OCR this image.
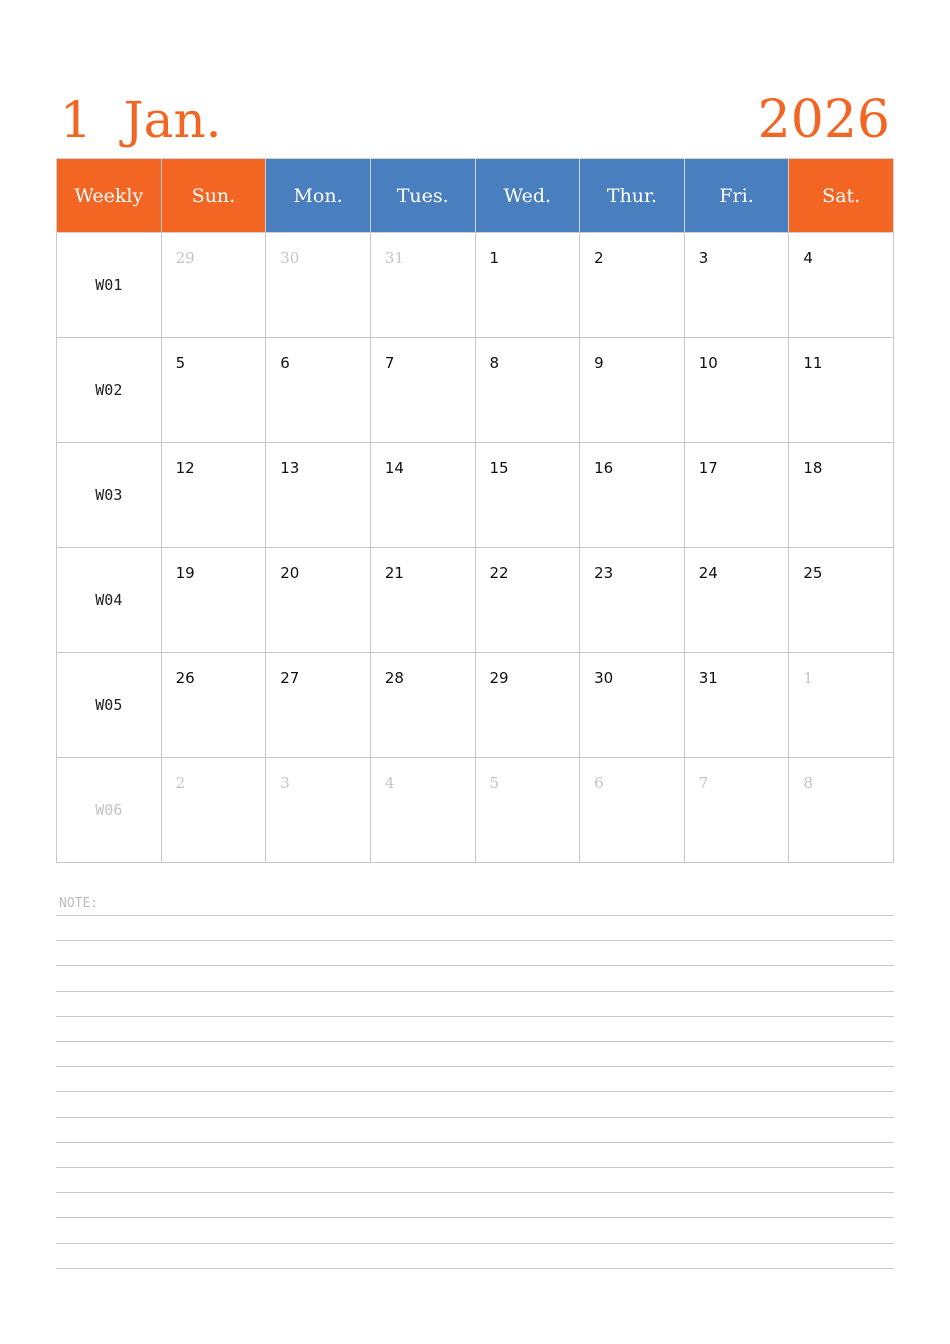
1  Jan.	2026
Weekly	Sun.	Mon.	Tues.	Wed.	Thur.	Fri.	Sat.
W01	29	30	31	1	2	3	4

W02	5	6	7	8	9	10	11

W03	12	13	14	15	16	17	18

W04	19	20	21	22	23	24	25

W05	26	27	28	29	30	31	1

W06	2	3	4	5	6	7	8
NOTE:
